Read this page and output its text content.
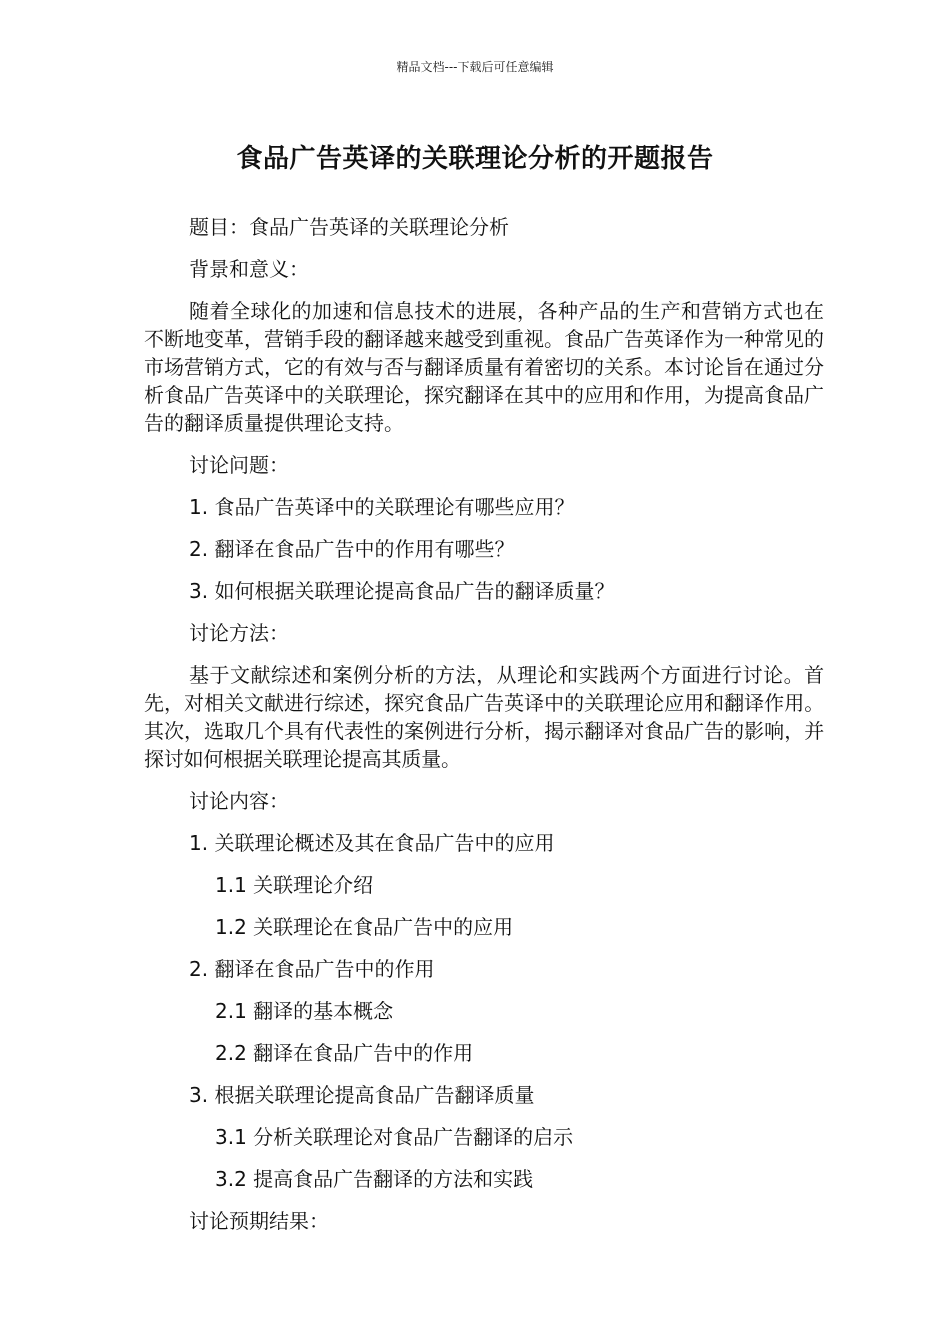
精品文档---下载后可任意编辑
食品广告英译的关联理论分析的开题报告
题目：食品广告英译的关联理论分析
背景和意义：
随着全球化的加速和信息技术的进展，各种产品的生产和营销方式也在不断地变革，营销手段的翻译越来越受到重视。食品广告英译作为一种常见的市场营销方式，它的有效与否与翻译质量有着密切的关系。本讨论旨在通过分析食品广告英译中的关联理论，探究翻译在其中的应用和作用，为提高食品广告的翻译质量提供理论支持。
讨论问题：
1. 食品广告英译中的关联理论有哪些应用？
2. 翻译在食品广告中的作用有哪些？
3. 如何根据关联理论提高食品广告的翻译质量？
讨论方法：
基于文献综述和案例分析的方法，从理论和实践两个方面进行讨论。首先，对相关文献进行综述，探究食品广告英译中的关联理论应用和翻译作用。其次，选取几个具有代表性的案例进行分析，揭示翻译对食品广告的影响，并探讨如何根据关联理论提高其质量。
讨论内容：
1. 关联理论概述及其在食品广告中的应用
1.1 关联理论介绍
1.2 关联理论在食品广告中的应用
2. 翻译在食品广告中的作用
2.1 翻译的基本概念
2.2 翻译在食品广告中的作用
3. 根据关联理论提高食品广告翻译质量
3.1 分析关联理论对食品广告翻译的启示
3.2 提高食品广告翻译的方法和实践
讨论预期结果：
